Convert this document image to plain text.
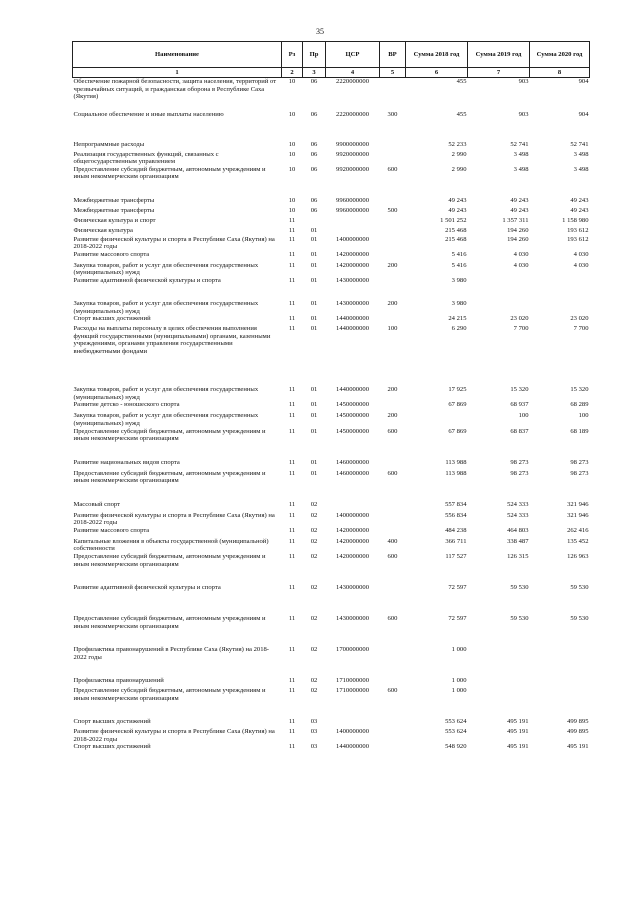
35
Наименование	Рз	Пр	ЦСР	ВР	Сумма 2018 год	Сумма 2019 год	Сумма 2020 год
1	2	3	4	5	6	7	8
Обеспечение пожарной безопасности, защита населения, территорий от чрезвычайных ситуаций, и гражданская оборона в Республике Саха (Якутия)	10	06	2220000000		455	903	904
Социальное обеспечение и иные выплаты населению	10	06	2220000000	300	455	903	904
Непрограммные расходы	10	06	9900000000		52 233	52 741	52 741
Реализация государственных функций, связанных с общегосударственным управлением	10	06	9920000000		2 990	3 498	3 498
Предоставление субсидий бюджетным, автономным учреждениям и иным некоммерческим организациям	10	06	9920000000	600	2 990	3 498	3 498
Межбюджетные трансферты	10	06	9960000000		49 243	49 243	49 243
Межбюджетные трансферты	10	06	9960000000	500	49 243	49 243	49 243
Физическая культура и спорт	11				1 501 252	1 357 311	1 158 980
Физическая культура	11	01			215 468	194 260	193 612
Развитие физической культуры и спорта в Республике Саха (Якутия) на 2018-2022 годы	11	01	1400000000		215 468	194 260	193 612
Развитие массового спорта	11	01	1420000000		5 416	4 030	4 030
Закупка товаров, работ и услуг для обеспечения государственных (муниципальных) нужд	11	01	1420000000	200	5 416	4 030	4 030
Развитие адаптивной физической культуры и спорта	11	01	1430000000		3 980		
Закупка товаров, работ и услуг для обеспечения государственных (муниципальных) нужд	11	01	1430000000	200	3 980		
Спорт высших достижений	11	01	1440000000		24 215	23 020	23 020
Расходы на выплаты персоналу в целях обеспечения выполнения функций государственными (муниципальными) органами, казенными учреждениями, органами управления государственными внебюджетными фондами	11	01	1440000000	100	6 290	7 700	7 700
Закупка товаров, работ и услуг для обеспечения государственных (муниципальных) нужд	11	01	1440000000	200	17 925	15 320	15 320
Развитие детско - юношеского спорта	11	01	1450000000		67 869	68 937	68 289
Закупка товаров, работ и услуг для обеспечения государственных (муниципальных) нужд	11	01	1450000000	200		100	100
Предоставление субсидий бюджетным, автономным учреждениям и иным некоммерческим организациям	11	01	1450000000	600	67 869	68 837	68 189
Развитие национальных видов спорта	11	01	1460000000		113 988	98 273	98 273
Предоставление субсидий бюджетным, автономным учреждениям и иным некоммерческим организациям	11	01	1460000000	600	113 988	98 273	98 273
Массовый спорт	11	02			557 834	524 333	321 946
Развитие физической культуры и спорта в Республике Саха (Якутия) на 2018-2022 годы	11	02	1400000000		556 834	524 333	321 946
Развитие массового спорта	11	02	1420000000		484 238	464 803	262 416
Капитальные вложения в объекты государственной (муниципальной) собственности	11	02	1420000000	400	366 711	338 487	135 452
Предоставление субсидий бюджетным, автономным учреждениям и иным некоммерческим организациям	11	02	1420000000	600	117 527	126 315	126 963
Развитие адаптивной физической культуры и спорта	11	02	1430000000		72 597	59 530	59 530
Предоставление субсидий бюджетным, автономным учреждениям и иным некоммерческим организациям	11	02	1430000000	600	72 597	59 530	59 530
Профилактика правонарушений в Республике Саха (Якутия) на 2018-2022 годы	11	02	1700000000		1 000		
Профилактика правонарушений	11	02	1710000000		1 000		
Предоставление субсидий бюджетным, автономным учреждениям и иным некоммерческим организациям	11	02	1710000000	600	1 000		
Спорт высших достижений	11	03			553 624	495 191	499 895
Развитие физической культуры и спорта в Республике Саха (Якутия) на 2018-2022 годы	11	03	1400000000		553 624	495 191	499 895
Спорт высших достижений	11	03	1440000000		548 920	495 191	495 191
